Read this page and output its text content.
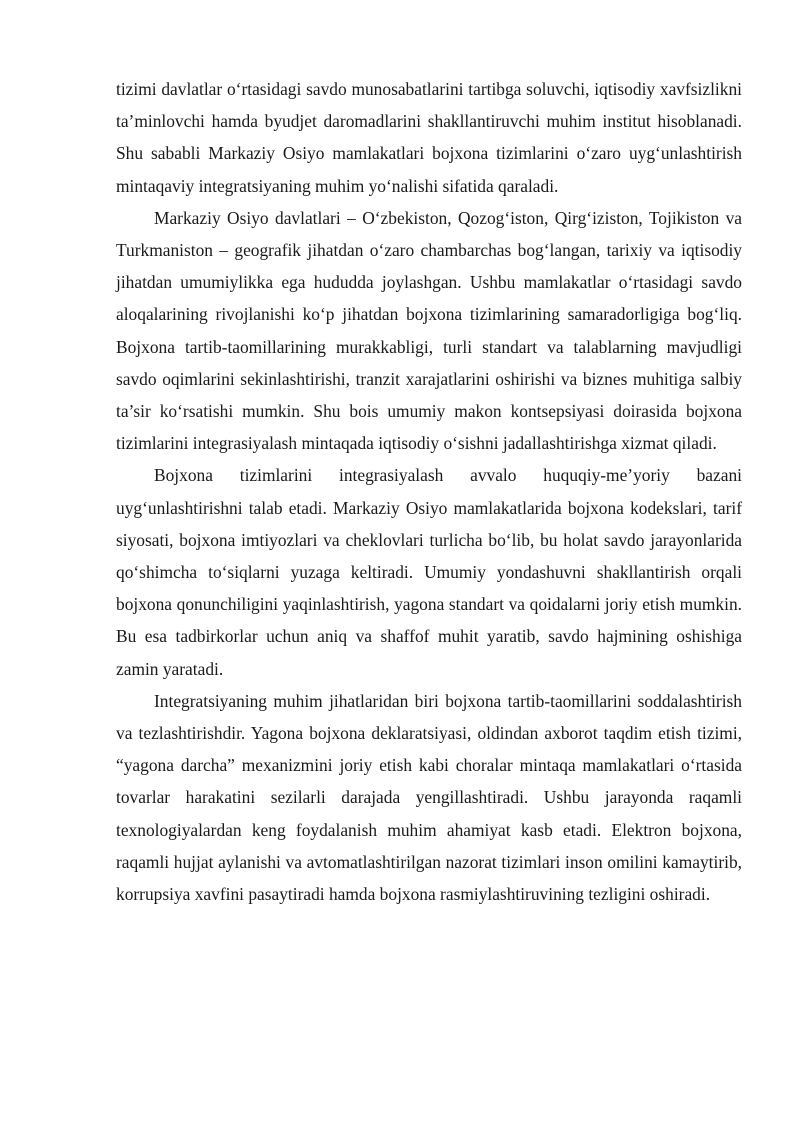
tizimi davlatlar o‘rtasidagi savdo munosabatlarini tartibga soluvchi, iqtisodiy xavfsizlikni ta’minlovchi hamda byudjet daromadlarini shakllantiruvchi muhim institut hisoblanadi. Shu sababli Markaziy Osiyo mamlakatlari bojxona tizimlarini o‘zaro uyg‘unlashtirish mintaqaviy integratsiyaning muhim yo‘nalishi sifatida qaraladi.

Markaziy Osiyo davlatlari – O‘zbekiston, Qozog‘iston, Qirg‘iziston, Tojikiston va Turkmaniston – geografik jihatdan o‘zaro chambarchas bog‘langan, tarixiy va iqtisodiy jihatdan umumiylikka ega hududda joylashgan. Ushbu mamlakatlar o‘rtasidagi savdo aloqalarining rivojlanishi ko‘p jihatdan bojxona tizimlarining samaradorligiga bog‘liq. Bojxona tartib-taomillarining murakkabligi, turli standart va talablarning mavjudligi savdo oqimlarini sekinlashtirishi, tranzit xarajatlarini oshirishi va biznes muhitiga salbiy ta’sir ko‘rsatishi mumkin. Shu bois umumiy makon kontsepsiyasi doirasida bojxona tizimlarini integrasiyalash mintaqada iqtisodiy o‘sishni jadallashtirishga xizmat qiladi.

Bojxona tizimlarini integrasiyalash avvalo huquqiy-me’yoriy bazani uyg‘unlashtirishni talab etadi. Markaziy Osiyo mamlakatlarida bojxona kodekslari, tarif siyosati, bojxona imtiyozlari va cheklovlari turlicha bo‘lib, bu holat savdo jarayonlarida qo‘shimcha to‘siqlarni yuzaga keltiradi. Umumiy yondashuvni shakllantirish orqali bojxona qonunchiligini yaqinlashtirish, yagona standart va qoidalarni joriy etish mumkin. Bu esa tadbirkorlar uchun aniq va shaffof muhit yaratib, savdo hajmining oshishiga zamin yaratadi.

Integratsiyaning muhim jihatlaridan biri bojxona tartib-taomillarini soddalashtirish va tezlashtirishdir. Yagona bojxona deklaratsiyasi, oldindan axborot taqdim etish tizimi, “yagona darcha” mexanizmini joriy etish kabi choralar mintaqa mamlakatlari o‘rtasida tovarlar harakatini sezilarli darajada yengillashtiradi. Ushbu jarayonda raqamli texnologiyalardan keng foydalanish muhim ahamiyat kasb etadi. Elektron bojxona, raqamli hujjat aylanishi va avtomatlashtirilgan nazorat tizimlari inson omilini kamaytirib, korrupsiya xavfini pasaytiradi hamda bojxona rasmiylashtiruvining tezligini oshiradi.
